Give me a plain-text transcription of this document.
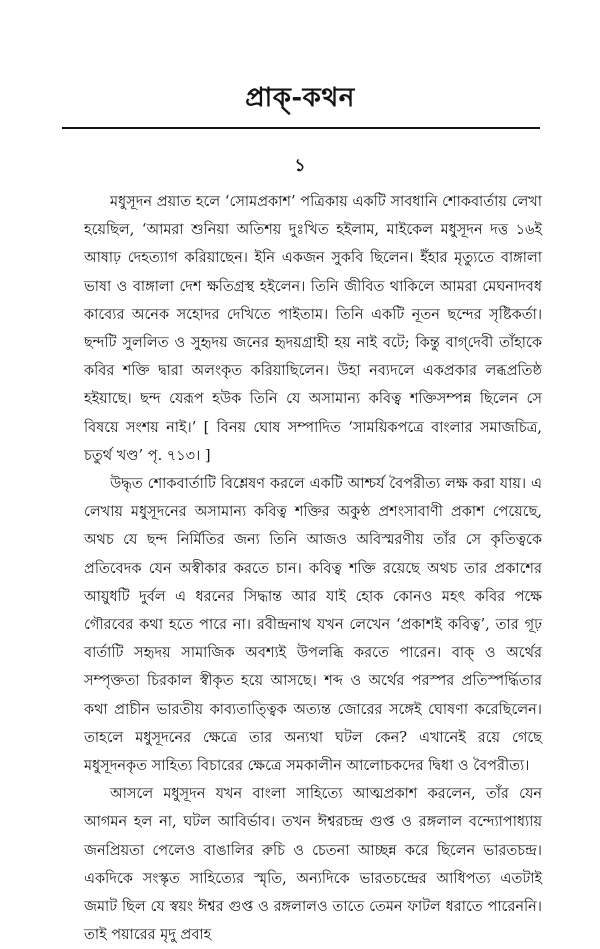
প্রাক্‌-কথন
১

মধুসূদন প্রয়াত হলে ‘সোমপ্রকাশ’ পত্রিকায় একটি সাবধানি শোকবার্তায় লেখা হয়েছিল, ‘আমরা শুনিয়া অতিশয় দুঃখিত হইলাম, মাইকেল মধুসূদন দত্ত ১৬ই আষাঢ় দেহত্যাগ করিয়াছেন। ইনি একজন সুকবি ছিলেন। ইঁহার মৃত্যুতে বাঙ্গালা ভাষা ও বাঙ্গালা দেশ ক্ষতিগ্রস্থ হইলেন। তিনি জীবিত থাকিলে আমরা মেঘনাদবধ কাব্যের অনেক সহোদর দেখিতে পাইতাম। তিনি একটি নূতন ছন্দের সৃষ্টিকর্তা। ছন্দটি সুললিত ও সুহৃদয় জনের হৃদয়গ্রাহী হয় নাই বটে; কিন্তু বাগ্‌দেবী তাঁহাকে কবির শক্তি দ্বারা অলংকৃত করিয়াছিলেন। উহা নব্যদলে একপ্রকার লব্ধপ্রতিষ্ঠ হইয়াছে। ছন্দ যেরূপ হউক তিনি যে অসামান্য কবিত্ব শক্তিসম্পন্ন ছিলেন সে বিষয়ে সংশয় নাই।’ [ বিনয় ঘোষ সম্পাদিত ‘সাময়িকপত্রে বাংলার সমাজচিত্র, চতুর্থ খণ্ড’ পৃ. ৭১৩। ]

উদ্ধৃত শোকবার্তাটি বিশ্লেষণ করলে একটি আশ্চর্য বৈপরীত্য লক্ষ করা যায়। এ লেখায় মধুসূদনের অসামান্য কবিত্ব শক্তির অকুণ্ঠ প্রশংসাবাণী প্রকাশ পেয়েছে, অথচ যে ছন্দ নির্মিতির জন্য তিনি আজও অবিস্মরণীয় তাঁর সে কৃতিত্বকে প্রতিবেদক যেন অস্বীকার করতে চান। কবিত্ব শক্তি রয়েছে অথচ তার প্রকাশের আয়ুধটি দুর্বল এ ধরনের সিদ্ধান্ত আর যাই হোক কোনও মহৎ কবির পক্ষে গৌরবের কথা হতে পারে না। রবীন্দ্রনাথ যখন লেখেন ‘প্রকাশই কবিত্ব’, তার গূঢ় বার্তাটি সহৃদয় সামাজিক অবশ্যই উপলব্ধি করতে পারেন। বাক্‌ ও অর্থের সম্পৃক্ততা চিরকাল স্বীকৃত হয়ে আসছে। শব্দ ও অর্থের পরস্পর প্রতিস্পর্দ্ধিতার কথা প্রাচীন ভারতীয় কাব্যতাত্ত্বিক অত্যন্ত জোরের সঙ্গেই ঘোষণা করেছিলেন। তাহলে মধুসূদনের ক্ষেত্রে তার অন্যথা ঘটল কেন? এখানেই রয়ে গেছে মধুসূদনকৃত সাহিত্য বিচারের ক্ষেত্রে সমকালীন আলোচকদের দ্বিধা ও বৈপরীত্য।

আসলে মধুসূদন যখন বাংলা সাহিত্যে আত্মপ্রকাশ করলেন, তাঁর যেন আগমন হল না, ঘটল আবির্ভাব। তখন ঈশ্বরচন্দ্র গুপ্ত ও রঙ্গলাল বন্দ্যোপাধ্যায় জনপ্রিয়তা পেলেও বাঙালির রুচি ও চেতনা আচ্ছন্ন করে ছিলেন ভারতচন্দ্র। একদিকে সংস্কৃত সাহিত্যের স্মৃতি, অন্যদিকে ভারতচন্দ্রের আধিপত্য এতটাই জমাট ছিল যে স্বয়ং ঈশ্বর গুপ্ত ও রঙ্গলালও তাতে তেমন ফাটল ধরাতে পারেননি। তাই পয়ারের মৃদু প্রবাহ
